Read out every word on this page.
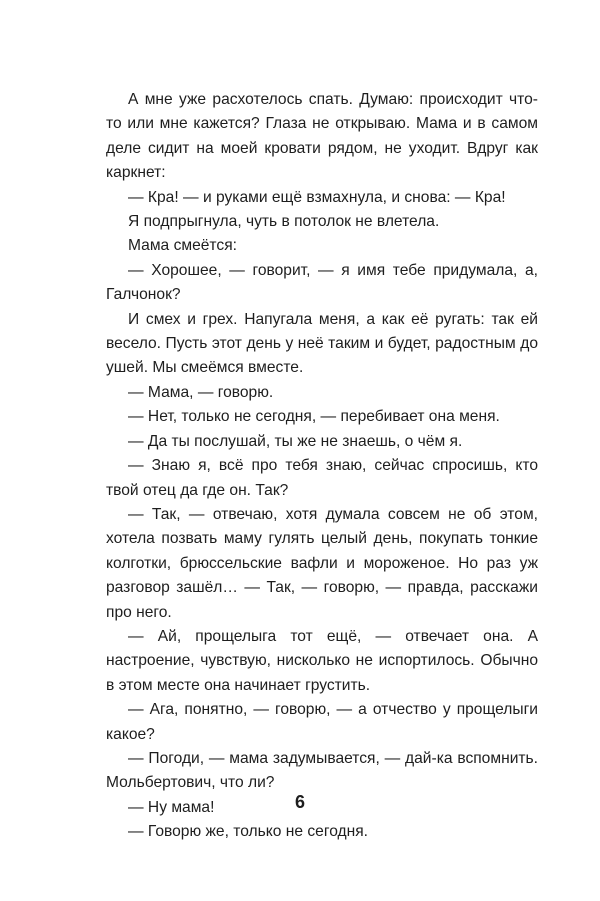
А мне уже расхотелось спать. Думаю: происходит что-то или мне кажется? Глаза не открываю. Мама и в самом деле сидит на моей кровати рядом, не уходит. Вдруг как каркнет:

— Кра! — и руками ещё взмахнула, и снова: — Кра!

Я подпрыгнула, чуть в потолок не влетела.

Мама смеётся:

— Хорошее, — говорит, — я имя тебе придумала, а, Галчонок?

И смех и грех. Напугала меня, а как её ругать: так ей весело. Пусть этот день у неё таким и будет, радостным до ушей. Мы смеёмся вместе.

— Мама, — говорю.

— Нет, только не сегодня, — перебивает она меня.

— Да ты послушай, ты же не знаешь, о чём я.

— Знаю я, всё про тебя знаю, сейчас спросишь, кто твой отец да где он. Так?

— Так, — отвечаю, хотя думала совсем не об этом, хотела позвать маму гулять целый день, покупать тонкие колготки, брюссельские вафли и мороженое. Но раз уж разговор зашёл… — Так, — говорю, — правда, расскажи про него.

— Ай, прощелыга тот ещё, — отвечает она. А настроение, чувствую, нисколько не испортилось. Обычно в этом месте она начинает грустить.

— Ага, понятно, — говорю, — а отчество у прощелыги какое?

— Погоди, — мама задумывается, — дай-ка вспомнить. Мольбертович, что ли?

— Ну мама!

— Говорю же, только не сегодня.

6
